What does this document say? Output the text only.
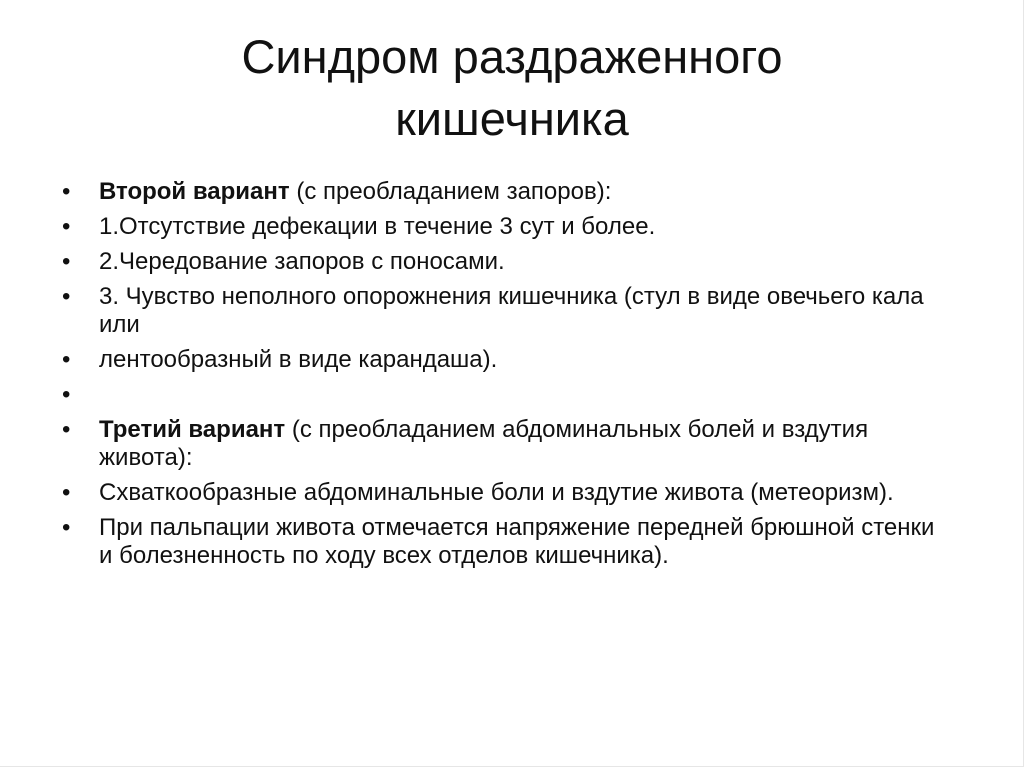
Синдром раздраженного
кишечника
• Второй вариант (с преобладанием запоров):
• 1.Отсутствие дефекации в течение 3 сут и более.
• 2.Чередование запоров с поносами.
• 3. Чувство неполного опорожнения кишечника (стул в виде овечьего кала или
• лентообразный в виде карандаша).
•
• Третий вариант (с преобладанием абдоминальных болей и вздутия живота):
• Схваткообразные абдоминальные боли и вздутие живота (метеоризм).
• При пальпации живота отмечается напряжение передней брюшной стенки и болезненность по ходу всех отделов кишечника).
